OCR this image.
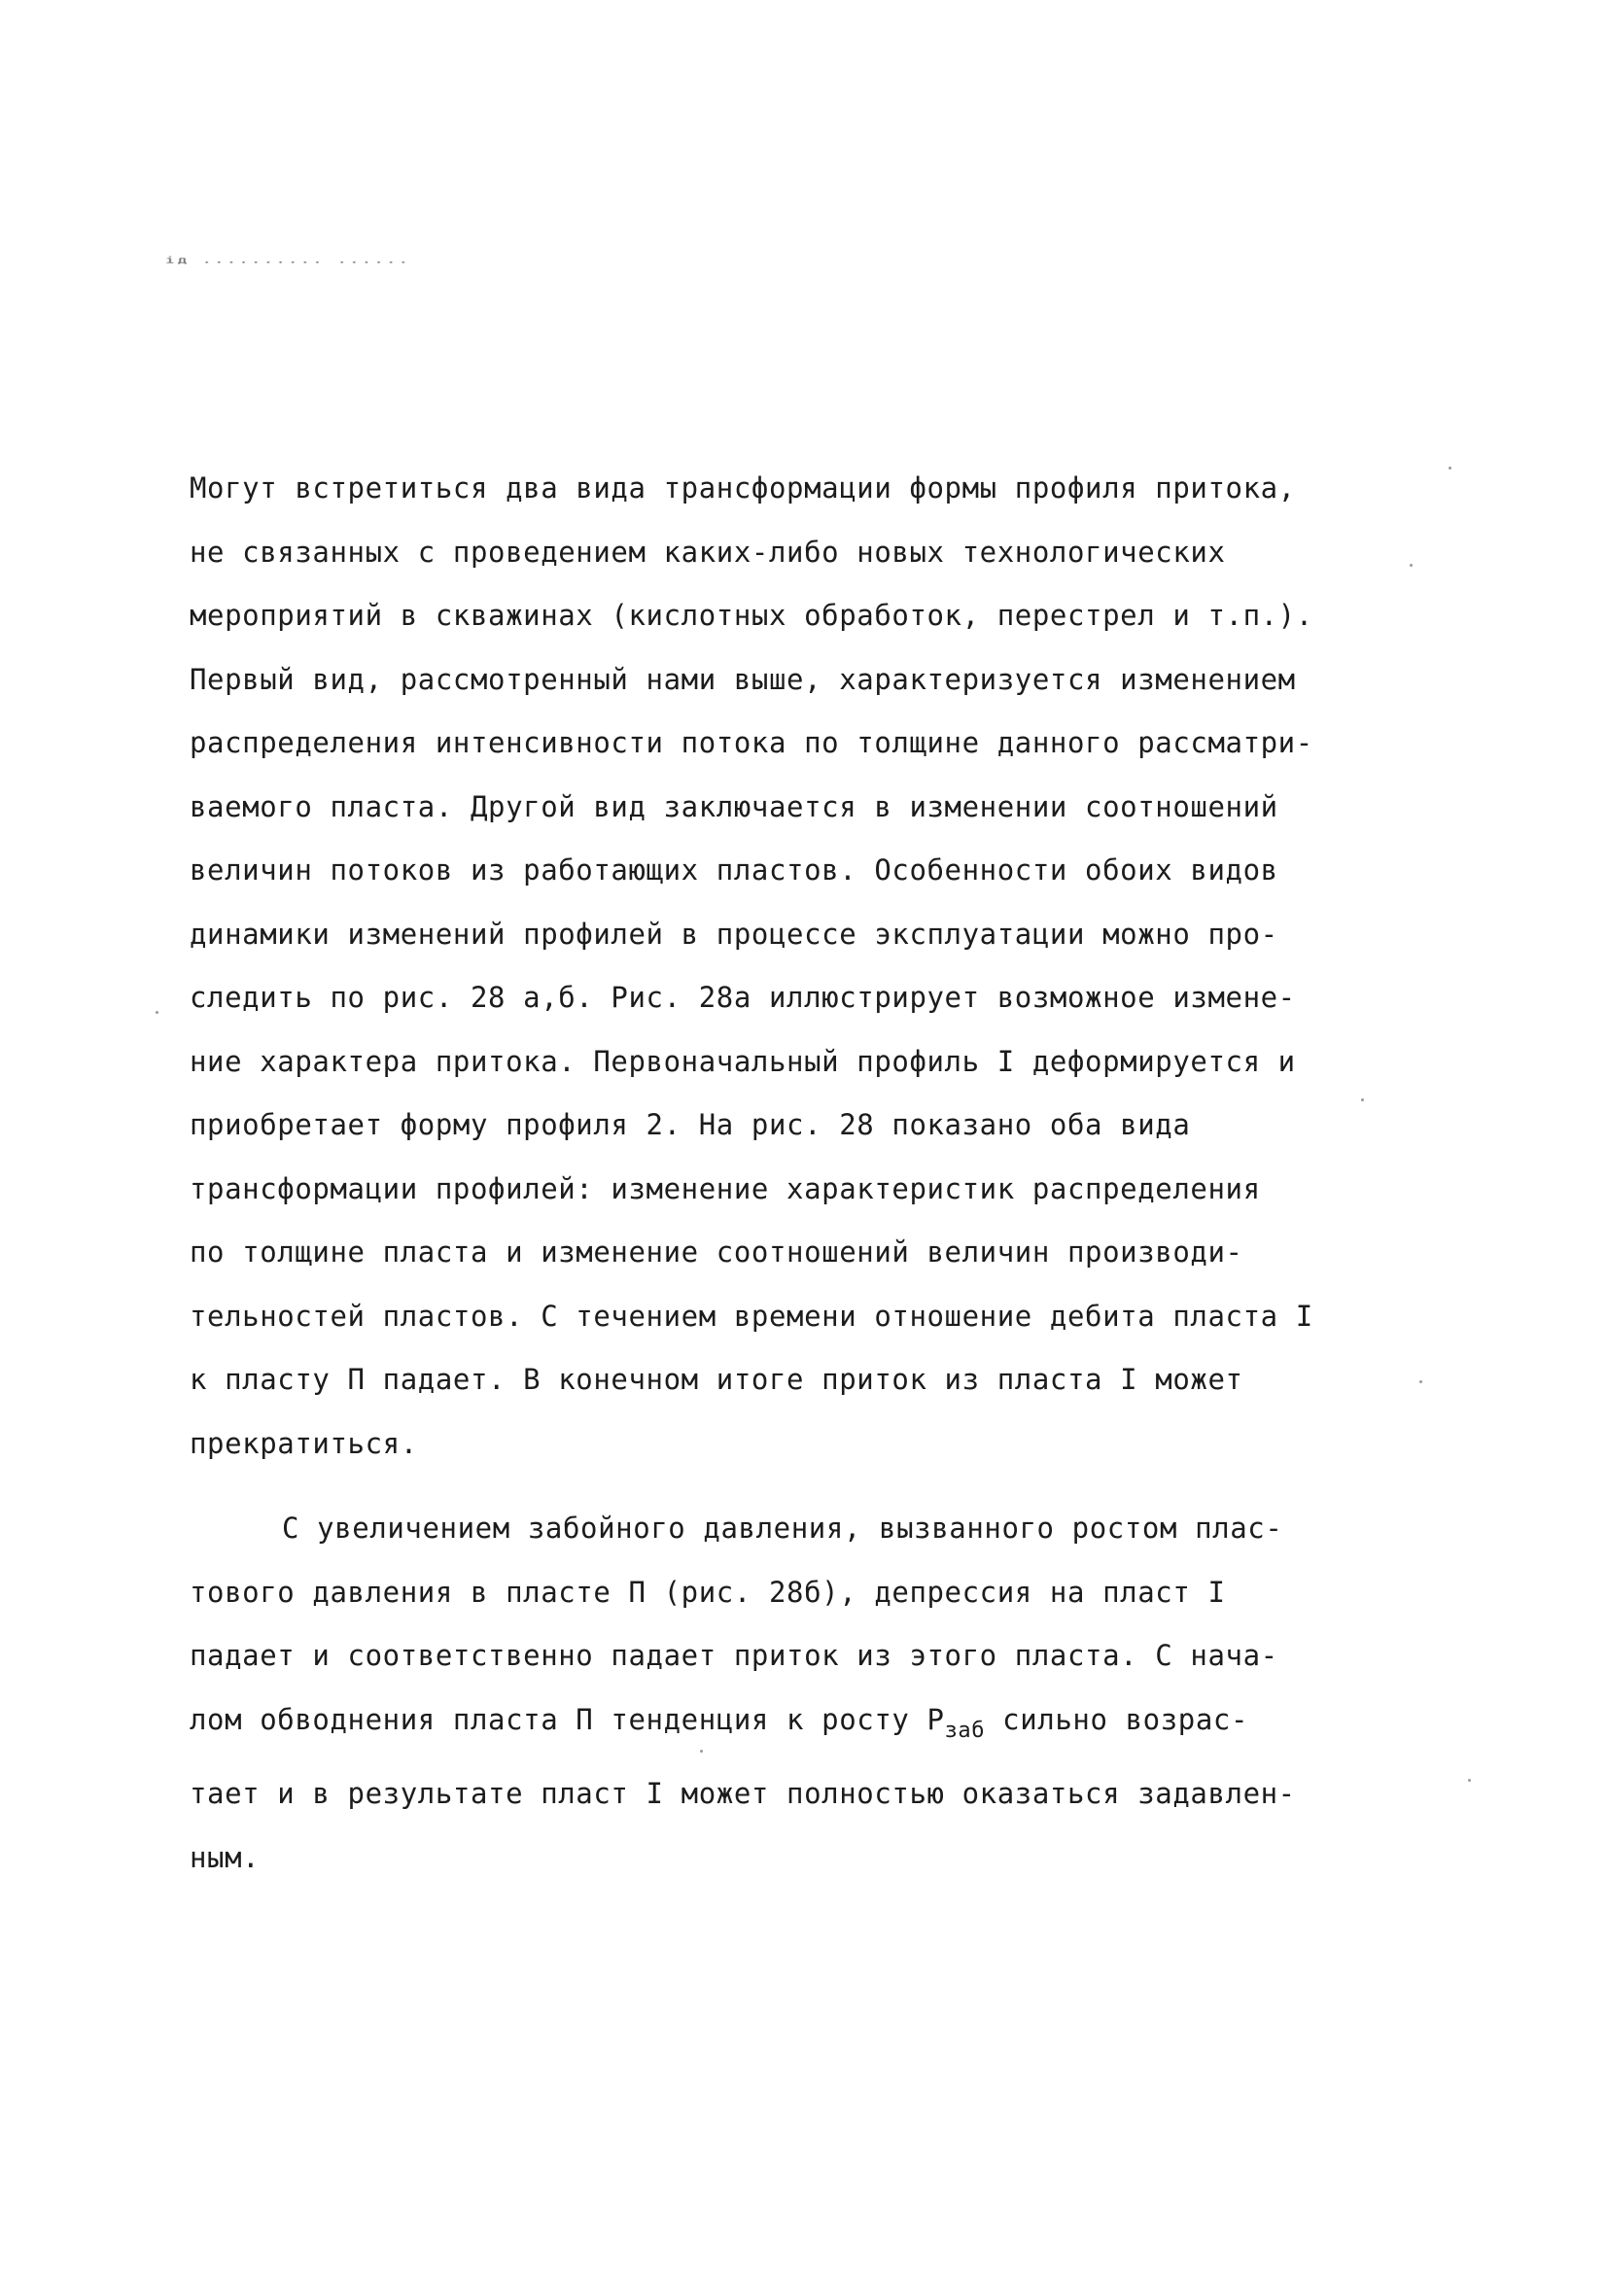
ід .......... ......

Могут встретиться два вида трансформации формы профиля притока,
не связанных с проведением каких-либо новых технологических
мероприятий в скважинах (кислотных обработок, перестрел и т.п.).
Первый вид, рассмотренный нами выше, характеризуется изменением
распределения интенсивности потока по толщине данного рассматри-
ваемого пласта. Другой вид заключается в изменении соотношений
величин потоков из работающих пластов. Особенности обоих видов
динамики изменений профилей в процессе эксплуатации можно про-
следить по рис. 28 а,б. Рис. 28а иллюстрирует возможное измене-
ние характера притока. Первоначальный профиль I деформируется и
приобретает форму профиля 2. На рис. 28 показано оба вида
трансформации профилей: изменение характеристик распределения
по толщине пласта и изменение соотношений величин производи-
тельностей пластов. С течением времени отношение дебита пласта I
к пласту П падает. В конечном итоге приток из пласта I может
прекратиться.

С увеличением забойного давления, вызванного ростом плас-
тового давления в пласте П (рис. 28б), депрессия на пласт I
падает и соответственно падает приток из этого пласта. С нача-
лом обводнения пласта П тенденция к росту $P_{заб}$ сильно возрас-
тает и в результате пласт I может полностью оказаться задавлен-
ным.
